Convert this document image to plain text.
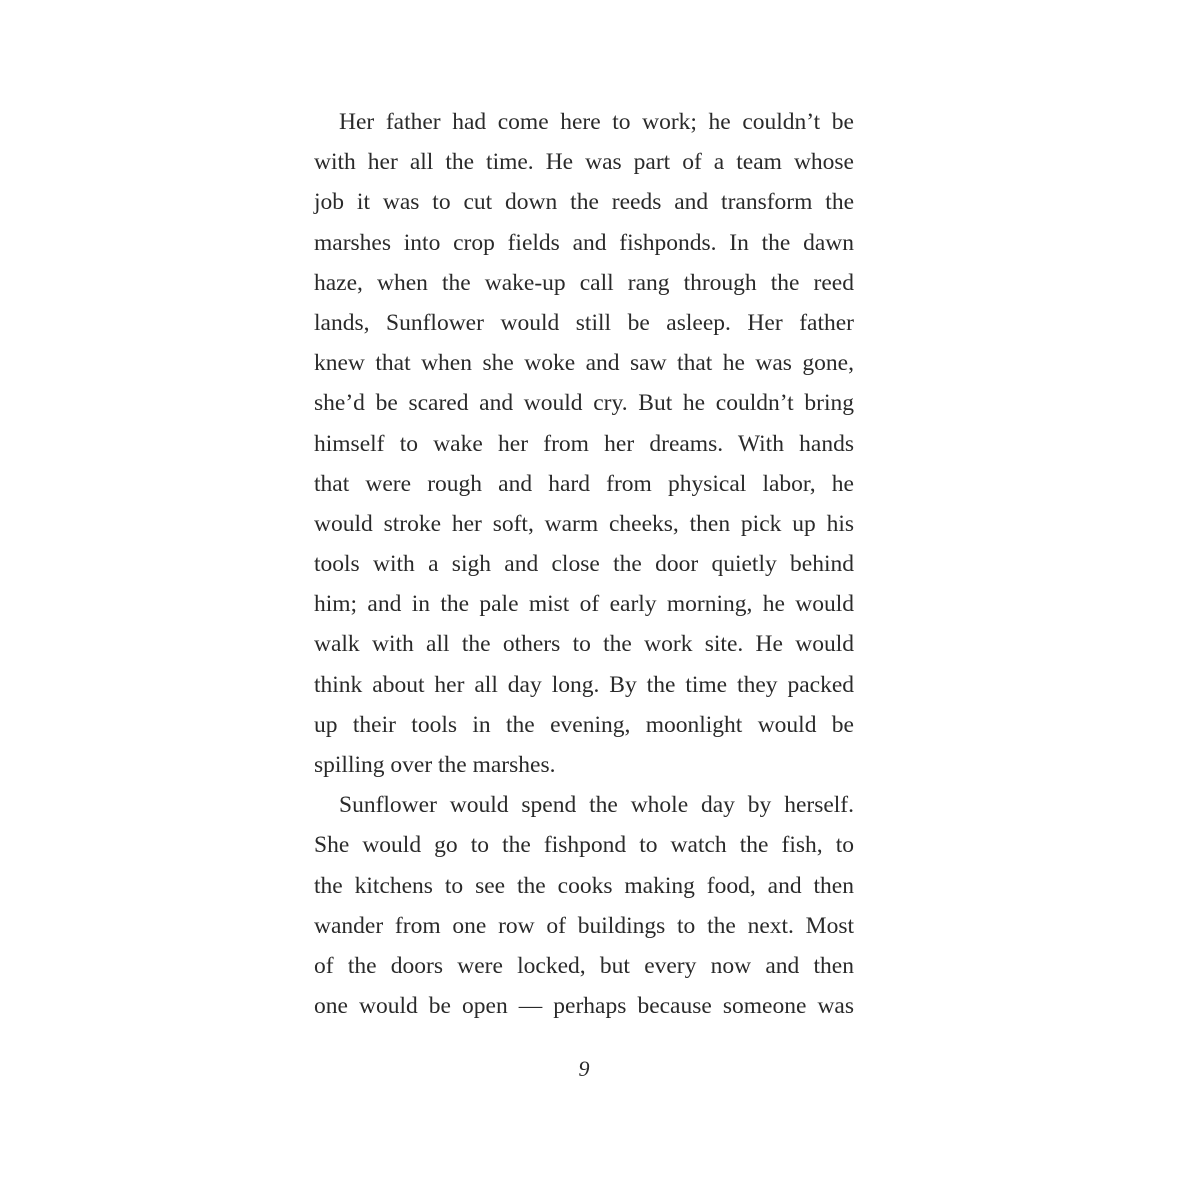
Her father had come here to work; he couldn’t be
with her all the time. He was part of a team whose
job it was to cut down the reeds and transform the
marshes into crop fields and fishponds. In the dawn
haze, when the wake-up call rang through the reed
lands, Sunflower would still be asleep. Her father
knew that when she woke and saw that he was gone,
she’d be scared and would cry. But he couldn’t bring
himself to wake her from her dreams. With hands
that were rough and hard from physical labor, he
would stroke her soft, warm cheeks, then pick up his
tools with a sigh and close the door quietly behind
him; and in the pale mist of early morning, he would
walk with all the others to the work site. He would
think about her all day long. By the time they packed
up their tools in the evening, moonlight would be
spilling over the marshes.
Sunflower would spend the whole day by herself.
She would go to the fishpond to watch the fish, to
the kitchens to see the cooks making food, and then
wander from one row of buildings to the next. Most
of the doors were locked, but every now and then
one would be open — perhaps because someone was
9
